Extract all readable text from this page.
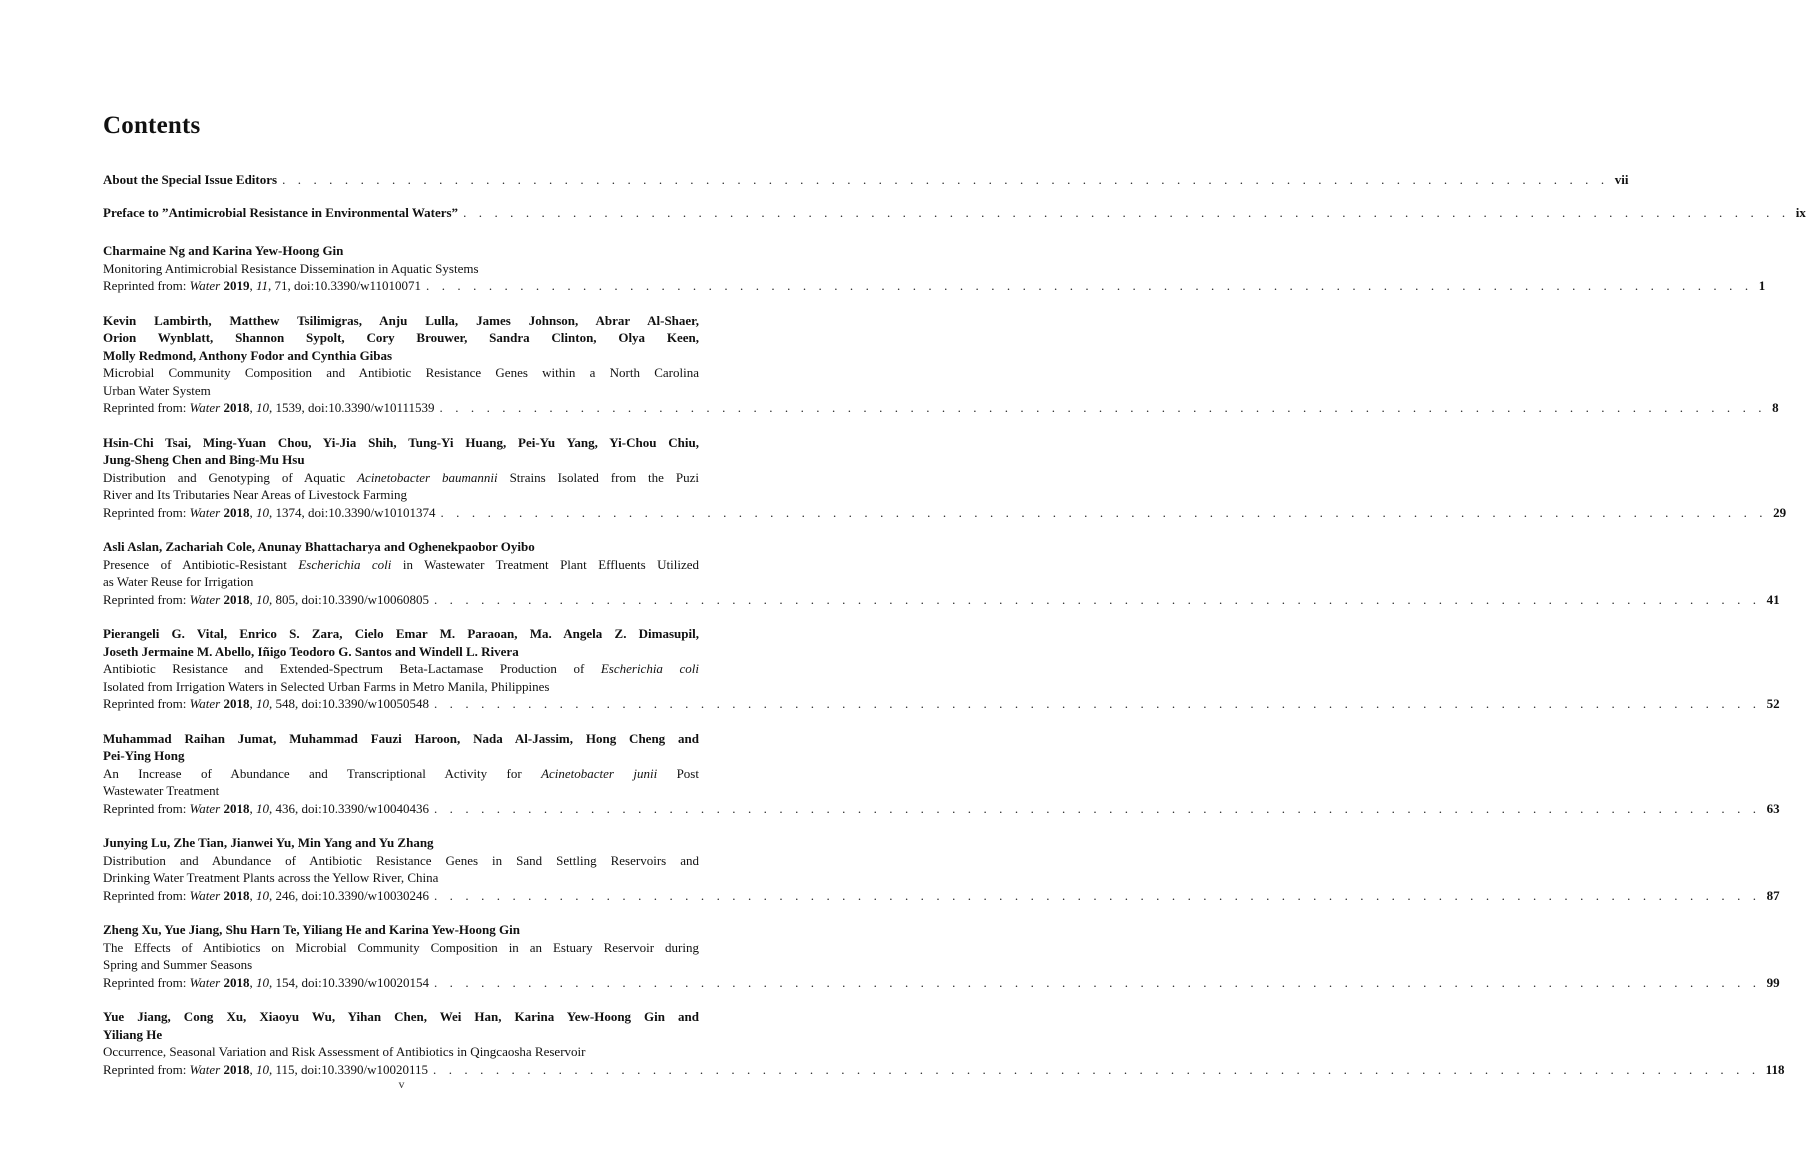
Contents
About the Special Issue Editors . . . . . . . . . . . . . . . . . . . . . . . . . . . . . . . . . . . . . . . . . . . . . . . . . . . . . . . . . . . . . . . . . . . . . . . . . . . . . . . . . . . . . vii
Preface to ”Antimicrobial Resistance in Environmental Waters” . . . . . . . . . . . . . . . . . . . . . . . . . . . . . . . . . . . . . . . . . . . . . . . . . . . . . . . . . . . . . . . . . . . . . . . . . . . . . . . . . . . . . ix
Charmaine Ng and Karina Yew-Hoong Gin
Monitoring Antimicrobial Resistance Dissemination in Aquatic Systems
Reprinted from: Water 2019, 11, 71, doi:10.3390/w11010071 . . . . . . . . . . . . . . . . . . . . . . . . . . . . . . . . . . . . . . . . . . . . . . . . . . . . . . . . . . . . . . . . . . . . . . . . . . . . . . . . . . . . . 1
Kevin Lambirth, Matthew Tsilimigras, Anju Lulla, James Johnson, Abrar Al-Shaer,
Orion Wynblatt, Shannon Sypolt, Cory Brouwer, Sandra Clinton, Olya Keen,
Molly Redmond, Anthony Fodor and Cynthia Gibas
Microbial Community Composition and Antibiotic Resistance Genes within a North Carolina
Urban Water System
Reprinted from: Water 2018, 10, 1539, doi:10.3390/w10111539 . . . . . . . . . . . . . . . . . . . . . . . . . . . . . . . . . . . . . . . . . . . . . . . . . . . . . . . . . . . . . . . . . . . . . . . . . . . . . . . . . . . . . 8
Hsin-Chi Tsai, Ming-Yuan Chou, Yi-Jia Shih, Tung-Yi Huang, Pei-Yu Yang, Yi-Chou Chiu,
Jung-Sheng Chen and Bing-Mu Hsu
Distribution and Genotyping of Aquatic Acinetobacter baumannii Strains Isolated from the Puzi
River and Its Tributaries Near Areas of Livestock Farming
Reprinted from: Water 2018, 10, 1374, doi:10.3390/w10101374 . . . . . . . . . . . . . . . . . . . . . . . . . . . . . . . . . . . . . . . . . . . . . . . . . . . . . . . . . . . . . . . . . . . . . . . . . . . . . . . . . . . . . 29
Asli Aslan, Zachariah Cole, Anunay Bhattacharya and Oghenekpaobor Oyibo
Presence of Antibiotic-Resistant Escherichia coli in Wastewater Treatment Plant Effluents Utilized
as Water Reuse for Irrigation
Reprinted from: Water 2018, 10, 805, doi:10.3390/w10060805 . . . . . . . . . . . . . . . . . . . . . . . . . . . . . . . . . . . . . . . . . . . . . . . . . . . . . . . . . . . . . . . . . . . . . . . . . . . . . . . . . . . . . 41
Pierangeli G. Vital, Enrico S. Zara, Cielo Emar M. Paraoan, Ma. Angela Z. Dimasupil,
Joseth Jermaine M. Abello, Iñigo Teodoro G. Santos and Windell L. Rivera
Antibiotic Resistance and Extended-Spectrum Beta-Lactamase Production of Escherichia coli
Isolated from Irrigation Waters in Selected Urban Farms in Metro Manila, Philippines
Reprinted from: Water 2018, 10, 548, doi:10.3390/w10050548 . . . . . . . . . . . . . . . . . . . . . . . . . . . . . . . . . . . . . . . . . . . . . . . . . . . . . . . . . . . . . . . . . . . . . . . . . . . . . . . . . . . . . 52
Muhammad Raihan Jumat, Muhammad Fauzi Haroon, Nada Al-Jassim, Hong Cheng and
Pei-Ying Hong
An Increase of Abundance and Transcriptional Activity for Acinetobacter junii Post
Wastewater Treatment
Reprinted from: Water 2018, 10, 436, doi:10.3390/w10040436 . . . . . . . . . . . . . . . . . . . . . . . . . . . . . . . . . . . . . . . . . . . . . . . . . . . . . . . . . . . . . . . . . . . . . . . . . . . . . . . . . . . . . 63
Junying Lu, Zhe Tian, Jianwei Yu, Min Yang and Yu Zhang
Distribution and Abundance of Antibiotic Resistance Genes in Sand Settling Reservoirs and
Drinking Water Treatment Plants across the Yellow River, China
Reprinted from: Water 2018, 10, 246, doi:10.3390/w10030246 . . . . . . . . . . . . . . . . . . . . . . . . . . . . . . . . . . . . . . . . . . . . . . . . . . . . . . . . . . . . . . . . . . . . . . . . . . . . . . . . . . . . . 87
Zheng Xu, Yue Jiang, Shu Harn Te, Yiliang He and Karina Yew-Hoong Gin
The Effects of Antibiotics on Microbial Community Composition in an Estuary Reservoir during
Spring and Summer Seasons
Reprinted from: Water 2018, 10, 154, doi:10.3390/w10020154 . . . . . . . . . . . . . . . . . . . . . . . . . . . . . . . . . . . . . . . . . . . . . . . . . . . . . . . . . . . . . . . . . . . . . . . . . . . . . . . . . . . . . 99
Yue Jiang, Cong Xu, Xiaoyu Wu, Yihan Chen, Wei Han, Karina Yew-Hoong Gin and
Yiliang He
Occurrence, Seasonal Variation and Risk Assessment of Antibiotics in Qingcaosha Reservoir
Reprinted from: Water 2018, 10, 115, doi:10.3390/w10020115 . . . . . . . . . . . . . . . . . . . . . . . . . . . . . . . . . . . . . . . . . . . . . . . . . . . . . . . . . . . . . . . . . . . . . . . . . . . . . . . . . . . . . 118
v
